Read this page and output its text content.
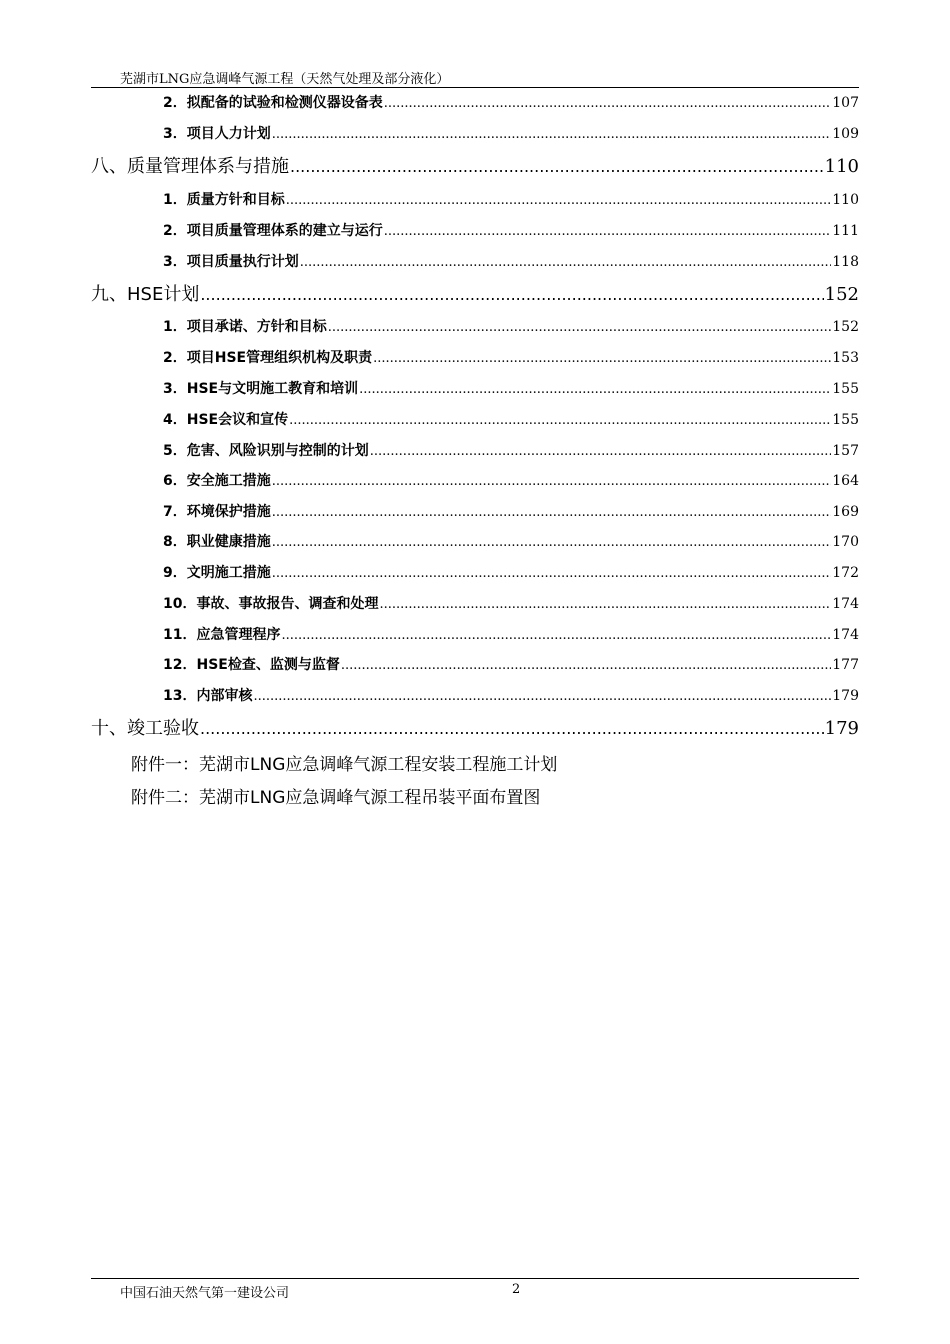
芜湖市LNG应急调峰气源工程（天然气处理及部分液化）
2．拟配备的试验和检测仪器设备表 .....	107
3．项目人力计划 .....	109
八、质量管理体系与措施 .....	110
1．质量方针和目标 .....	110
2．项目质量管理体系的建立与运行 .....	111
3．项目质量执行计划 .....	118
九、HSE计划 .....	152
1．项目承诺、方针和目标 .....	152
2．项目HSE管理组织机构及职责 .....	153
3．HSE与文明施工教育和培训 .....	155
4．HSE会议和宣传 .....	155
5．危害、风险识别与控制的计划 .....	157
6．安全施工措施 .....	164
7．环境保护措施 .....	169
8．职业健康措施 .....	170
9．文明施工措施 .....	172
10．事故、事故报告、调查和处理 .....	174
11．应急管理程序 .....	174
12．HSE检查、监测与监督 .....	177
13．内部审核 .....	179
十、竣工验收 .....	179
附件一：芜湖市LNG应急调峰气源工程安装工程施工计划
附件二：芜湖市LNG应急调峰气源工程吊装平面布置图
中国石油天然气第一建设公司	2
